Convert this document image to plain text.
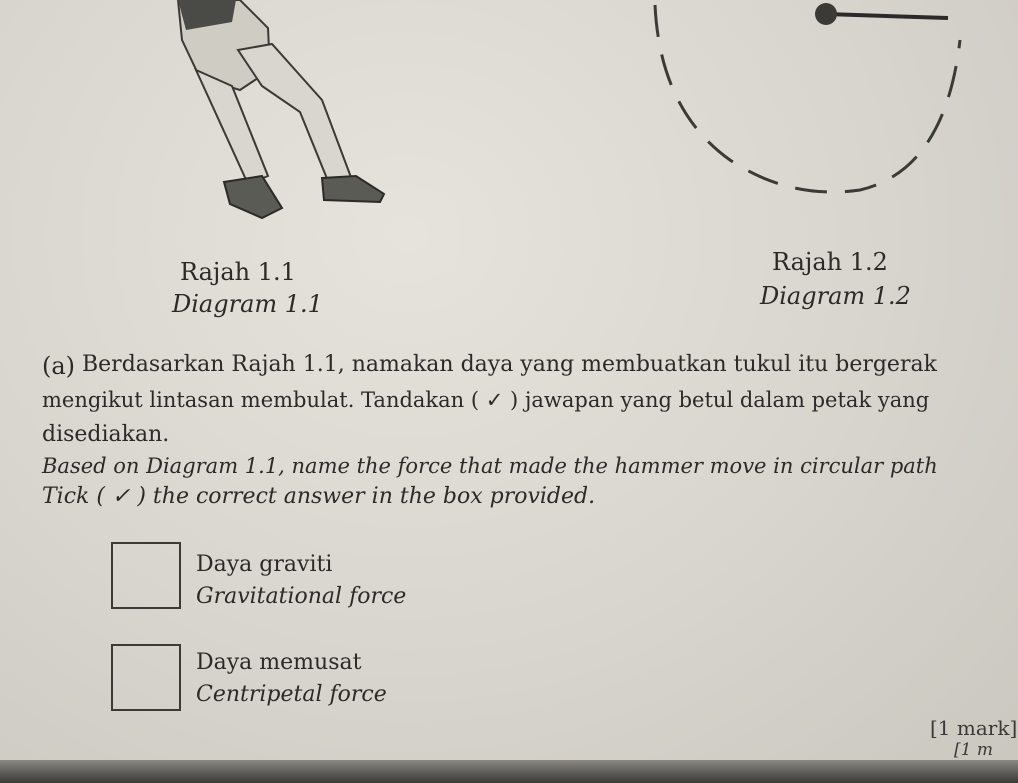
Rajah 1.1
Diagram 1.1
Rajah 1.2
Diagram 1.2
(a) Berdasarkan Rajah 1.1, namakan daya yang membuatkan tukul itu bergerak
mengikut lintasan membulat. Tandakan ( ✓ ) jawapan yang betul dalam petak yang
disediakan.
Based on Diagram 1.1, name the force that made the hammer move in circular path
Tick ( ✓ ) the correct answer in the box provided.
Daya graviti
Gravitational force
Daya memusat
Centripetal force
[1 mark]
[1 m
